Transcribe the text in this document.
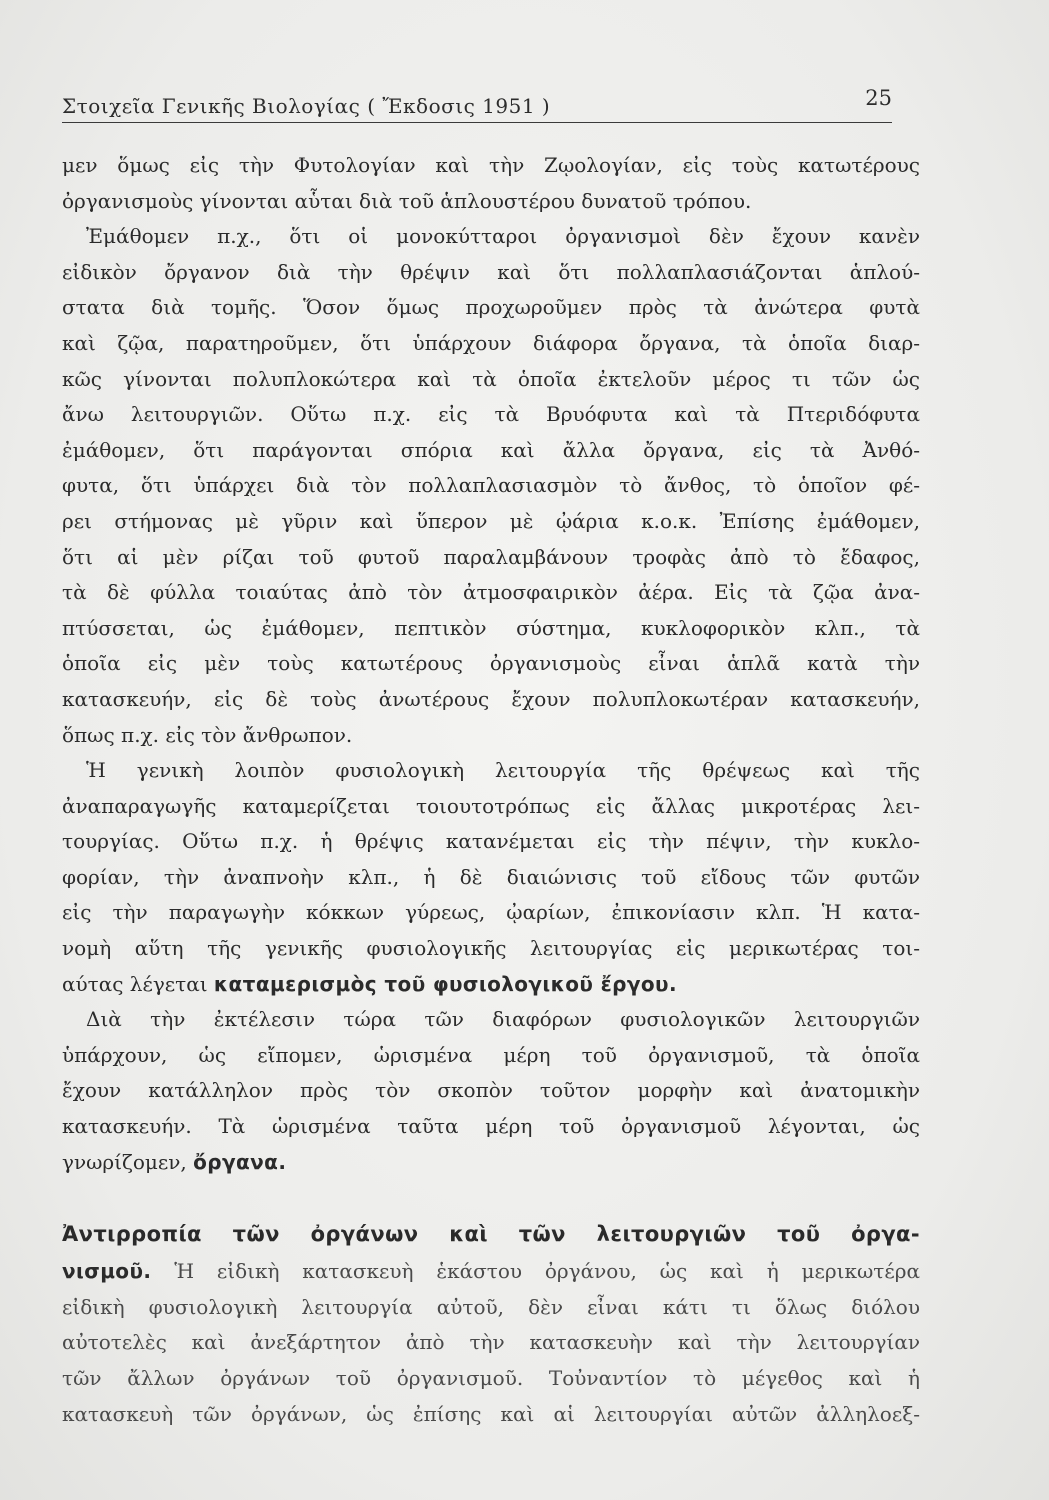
Στοιχεῖα Γενικῆς Βιολογίας ( Ἔκδοσις 1951 )	25
μεν ὅμως εἰς τὴν Φυτολογίαν καὶ τὴν Ζῳολογίαν, εἰς τοὺς κατωτέρους
ὀργανισμοὺς γίνονται αὗται διὰ τοῦ ἁπλουστέρου δυνατοῦ τρόπου.
Ἐμάθομεν π.χ., ὅτι οἱ μονοκύτταροι ὀργανισμοὶ δὲν ἔχουν κανὲν
εἰδικὸν ὄργανον διὰ τὴν θρέψιν καὶ ὅτι πολλαπλασιάζονται ἁπλού-
στατα διὰ τομῆς. Ὅσον ὅμως προχωροῦμεν πρὸς τὰ ἀνώτερα φυτὰ
καὶ ζῷα, παρατηροῦμεν, ὅτι ὑπάρχουν διάφορα ὄργανα, τὰ ὁποῖα διαρ-
κῶς γίνονται πολυπλοκώτερα καὶ τὰ ὁποῖα ἐκτελοῦν μέρος τι τῶν ὡς
ἄνω λειτουργιῶν. Οὕτω π.χ. εἰς τὰ Βρυόφυτα καὶ τὰ Πτεριδόφυτα
ἐμάθομεν, ὅτι παράγονται σπόρια καὶ ἄλλα ὄργανα, εἰς τὰ Ἀνθό-
φυτα, ὅτι ὑπάρχει διὰ τὸν πολλαπλασιασμὸν τὸ ἄνθος, τὸ ὁποῖον φέ-
ρει στήμονας μὲ γῦριν καὶ ὕπερον μὲ ᾠάρια κ.ο.κ. Ἐπίσης ἐμάθομεν,
ὅτι αἱ μὲν ρίζαι τοῦ φυτοῦ παραλαμβάνουν τροφὰς ἀπὸ τὸ ἔδαφος,
τὰ δὲ φύλλα τοιαύτας ἀπὸ τὸν ἀτμοσφαιρικὸν ἀέρα. Εἰς τὰ ζῷα ἀνα-
πτύσσεται, ὡς ἐμάθομεν, πεπτικὸν σύστημα, κυκλοφορικὸν κλπ., τὰ
ὁποῖα εἰς μὲν τοὺς κατωτέρους ὀργανισμοὺς εἶναι ἁπλᾶ κατὰ τὴν
κατασκευήν, εἰς δὲ τοὺς ἀνωτέρους ἔχουν πολυπλοκωτέραν κατασκευήν,
ὅπως π.χ. εἰς τὸν ἄνθρωπον.
Ἡ γενικὴ λοιπὸν φυσιολογικὴ λειτουργία τῆς θρέψεως καὶ τῆς
ἀναπαραγωγῆς καταμερίζεται τοιουτοτρόπως εἰς ἄλλας μικροτέρας λει-
τουργίας. Οὕτω π.χ. ἡ θρέψις κατανέμεται εἰς τὴν πέψιν, τὴν κυκλο-
φορίαν, τὴν ἀναπνοὴν κλπ., ἡ δὲ διαιώνισις τοῦ εἴδους τῶν φυτῶν
εἰς τὴν παραγωγὴν κόκκων γύρεως, ᾠαρίων, ἐπικονίασιν κλπ. Ἡ κατα-
νομὴ αὕτη τῆς γενικῆς φυσιολογικῆς λειτουργίας εἰς μερικωτέρας τοι-
αύτας λέγεται καταμερισμὸς τοῦ φυσιολογικοῦ ἔργου.
Διὰ τὴν ἐκτέλεσιν τώρα τῶν διαφόρων φυσιολογικῶν λειτουργιῶν
ὑπάρχουν, ὡς εἴπομεν, ὡρισμένα μέρη τοῦ ὀργανισμοῦ, τὰ ὁποῖα
ἔχουν κατάλληλον πρὸς τὸν σκοπὸν τοῦτον μορφὴν καὶ ἀνατομικὴν
κατασκευήν. Τὰ ὡρισμένα ταῦτα μέρη τοῦ ὀργανισμοῦ λέγονται, ὡς
γνωρίζομεν, ὄργανα.
Ἀντιρροπία τῶν ὀργάνων καὶ τῶν λειτουργιῶν τοῦ ὀργα-
νισμοῦ. Ἡ εἰδικὴ κατασκευὴ ἑκάστου ὀργάνου, ὡς καὶ ἡ μερικωτέρα
εἰδικὴ φυσιολογικὴ λειτουργία αὐτοῦ, δὲν εἶναι κάτι τι ὅλως διόλου
αὐτοτελὲς καὶ ἀνεξάρτητον ἀπὸ τὴν κατασκευὴν καὶ τὴν λειτουργίαν
τῶν ἄλλων ὀργάνων τοῦ ὀργανισμοῦ. Τοὐναντίον τὸ μέγεθος καὶ ἡ
κατασκευὴ τῶν ὀργάνων, ὡς ἐπίσης καὶ αἱ λειτουργίαι αὐτῶν ἀλληλοεξ-
